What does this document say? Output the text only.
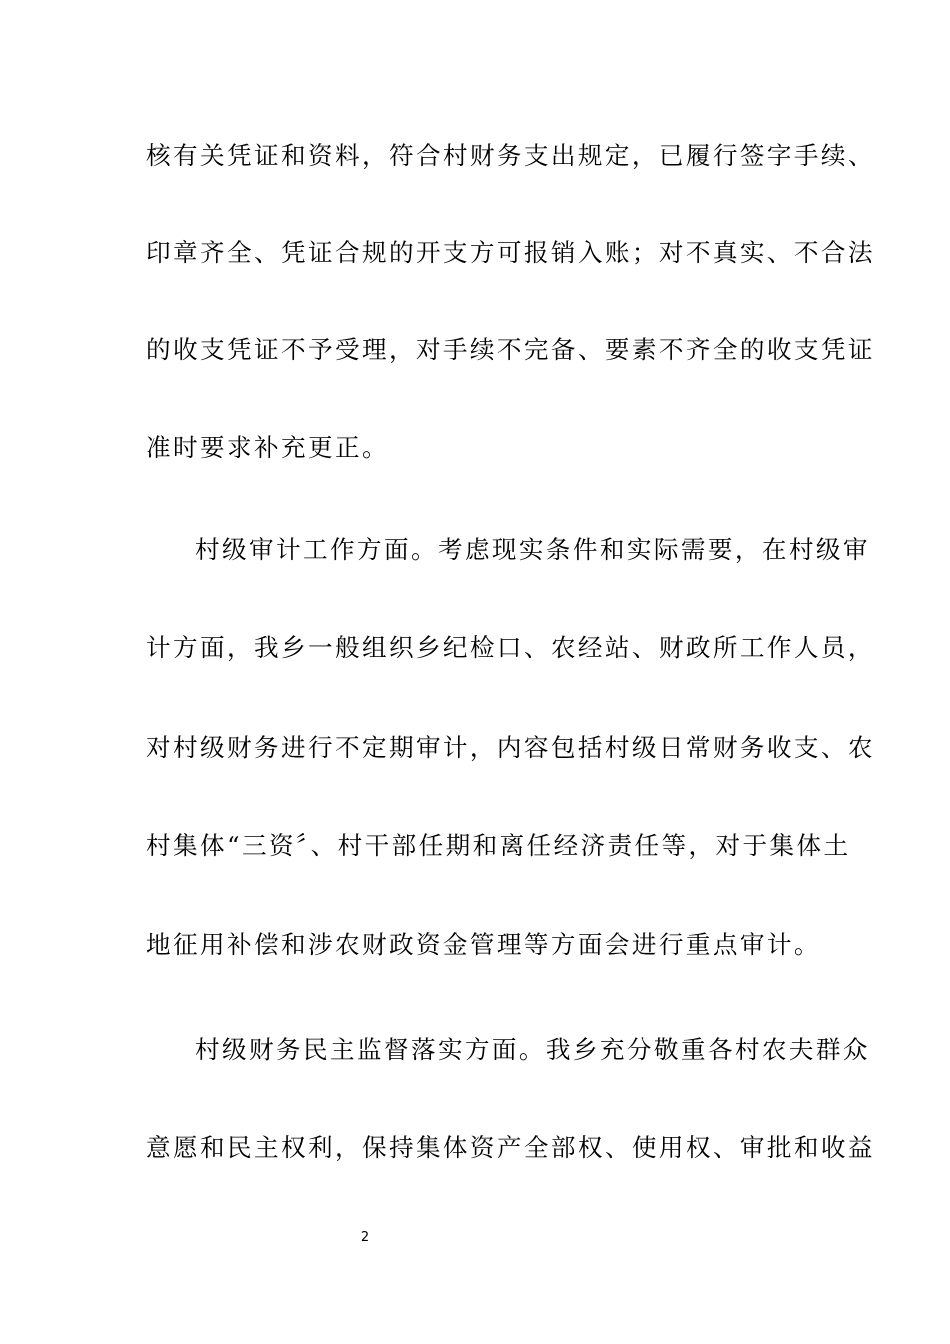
核有关凭证和资料，符合村财务支出规定，已履行签字手续、
印章齐全、凭证合规的开支方可报销入账；对不真实、不合法
的收支凭证不予受理，对手续不完备、要素不齐全的收支凭证
准时要求补充更正。
村级审计工作方面。考虑现实条件和实际需要，在村级审
计方面，我乡一般组织乡纪检口、农经站、财政所工作人员，
对村级财务进行不定期审计，内容包括村级日常财务收支、农
村集体“三资〞、村干部任期和离任经济责任等，对于集体土
地征用补偿和涉农财政资金管理等方面会进行重点审计。
村级财务民主监督落实方面。我乡充分敬重各村农夫群众
意愿和民主权利，保持集体资产全部权、使用权、审批和收益
2
